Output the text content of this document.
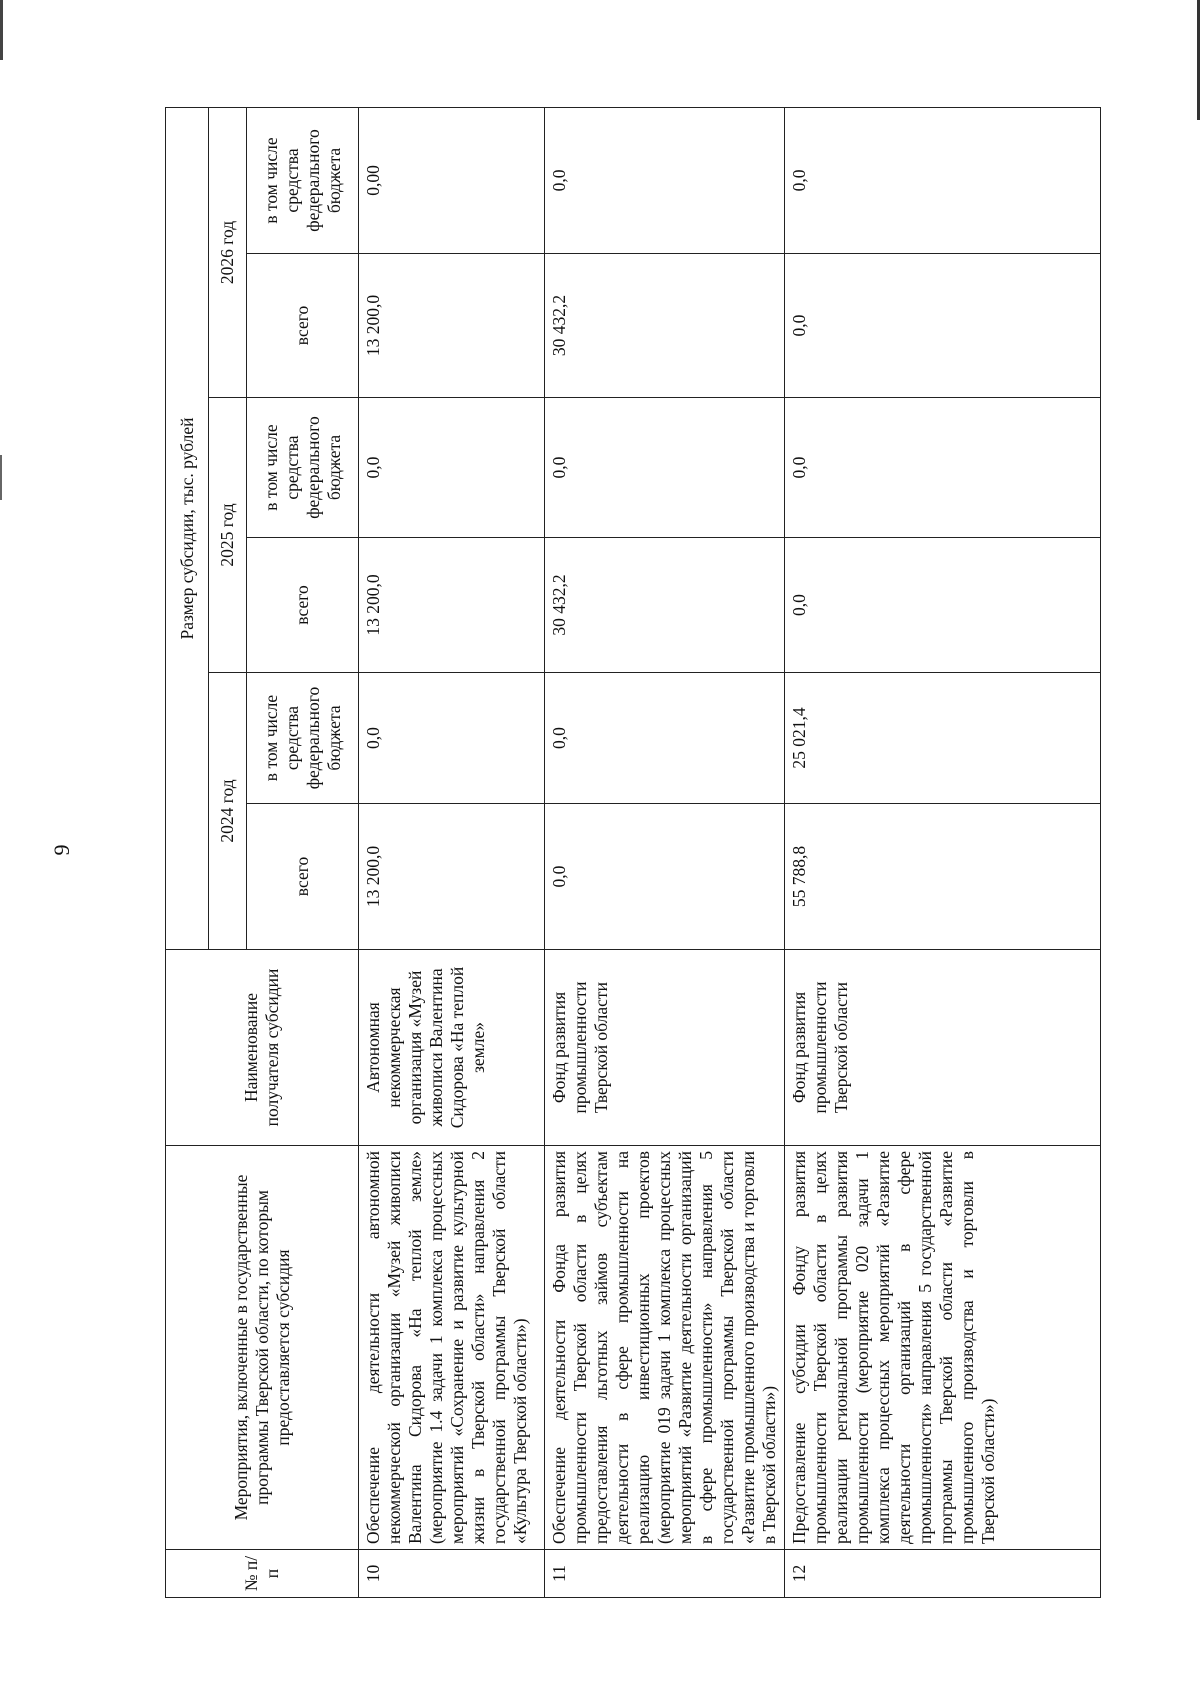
9
№ п/п	Мероприятия, включенные в государственные программы Тверской области, по которым предоставляется субсидия	Наименование получателя субсидии	Размер субсидии, тыс. рублей					
			2024 год		2025 год		2026 год	
			всего	в том числе средства федерального бюджета	всего	в том числе средства федерального бюджета	всего	в том числе средства федерального бюджета
10	Обеспечение деятельности автономной некоммерческой организации «Музей живописи Валентина Сидорова «На теплой земле» (мероприятие 1.4 задачи 1 комплекса процессных мероприятий «Сохранение и развитие культурной жизни в Тверской области» направления 2 государственной программы Тверской области «Культура Тверской области»)	Автономная некоммерческая организация «Музей живописи Валентина Сидорова «На теплой земле»	13 200,0	0,0	13 200,0	0,0	13 200,0	0,00
11	Обеспечение деятельности Фонда развития промышленности Тверской области в целях предоставления льготных займов субъектам деятельности в сфере промышленности на реализацию инвестиционных проектов (мероприятие 019 задачи 1 комплекса процессных мероприятий «Развитие деятельности организаций в сфере промышленности» направления 5 государственной программы Тверской области «Развитие промышленного производства и торговли в Тверской области»)	Фонд развития промышленности Тверской области	0,0	0,0	30 432,2	0,0	30 432,2	0,0
12	Предоставление субсидии Фонду развития промышленности Тверской области в целях реализации региональной программы развития промышленности (мероприятие 020 задачи 1 комплекса процессных мероприятий «Развитие деятельности организаций в сфере промышленности» направления 5 государственной программы Тверской области «Развитие промышленного производства и торговли в Тверской области»)	Фонд развития промышленности Тверской области	55 788,8	25 021,4	0,0	0,0	0,0	0,0
